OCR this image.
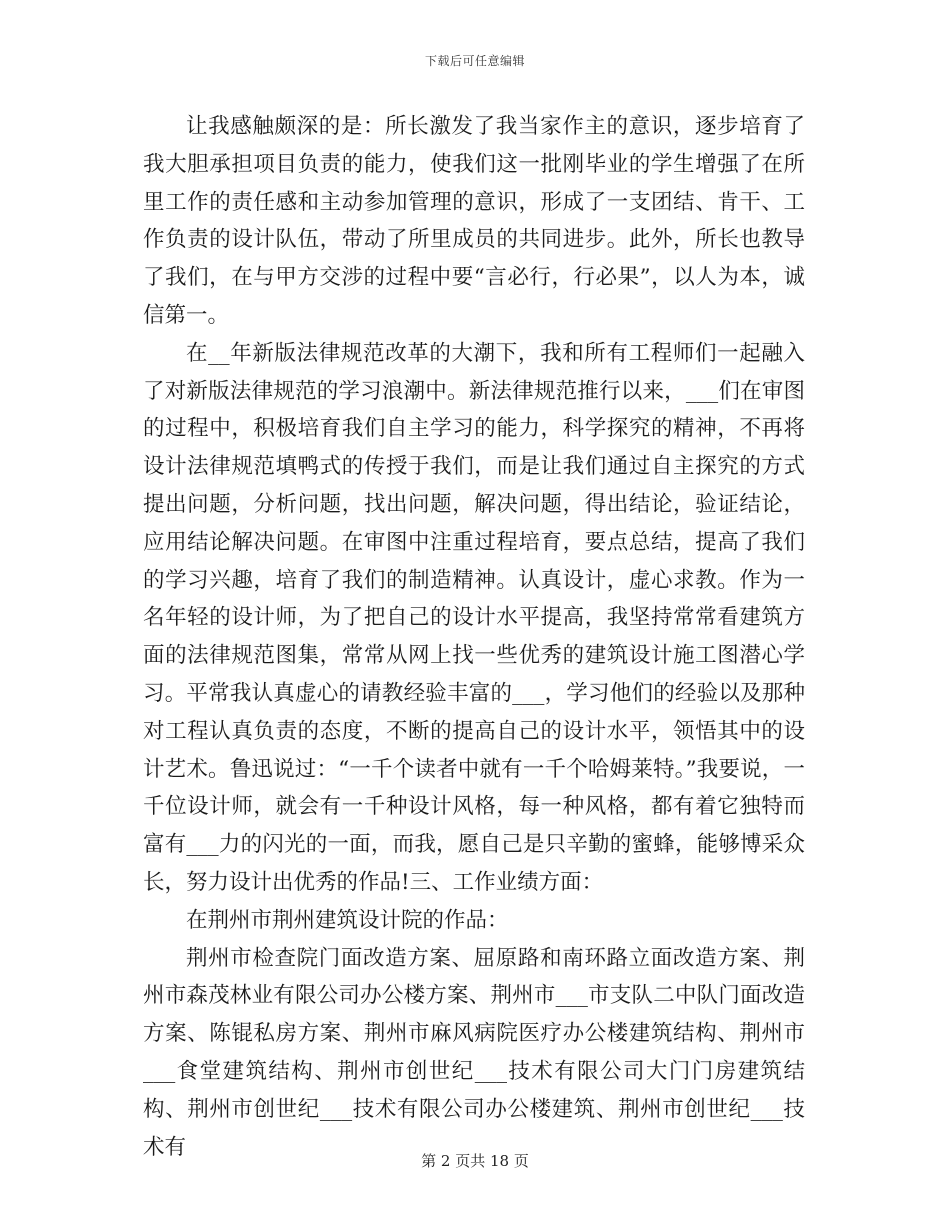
下载后可任意编辑

让我感触颇深的是：所长激发了我当家作主的意识，逐步培育了我大胆承担项目负责的能力，使我们这一批刚毕业的学生增强了在所里工作的责任感和主动参加管理的意识，形成了一支团结、肯干、工作负责的设计队伍，带动了所里成员的共同进步。此外，所长也教导了我们，在与甲方交涉的过程中要“言必行，行必果”，以人为本，诚信第一。

在__年新版法律规范改革的大潮下，我和所有工程师们一起融入了对新版法律规范的学习浪潮中。新法律规范推行以来，___们在审图的过程中，积极培育我们自主学习的能力，科学探究的精神，不再将设计法律规范填鸭式的传授于我们，而是让我们通过自主探究的方式提出问题，分析问题，找出问题，解决问题，得出结论，验证结论，应用结论解决问题。在审图中注重过程培育，要点总结，提高了我们的学习兴趣，培育了我们的制造精神。认真设计，虚心求教。作为一名年轻的设计师，为了把自己的设计水平提高，我坚持常常看建筑方面的法律规范图集，常常从网上找一些优秀的建筑设计施工图潜心学习。平常我认真虚心的请教经验丰富的___，学习他们的经验以及那种对工程认真负责的态度，不断的提高自己的设计水平，领悟其中的设计艺术。鲁迅说过：“一千个读者中就有一千个哈姆莱特。”我要说，一千位设计师，就会有一千种设计风格，每一种风格，都有着它独特而富有___力的闪光的一面，而我，愿自己是只辛勤的蜜蜂，能够博采众长，努力设计出优秀的作品!三、工作业绩方面：

在荆州市荆州建筑设计院的作品：

荆州市检查院门面改造方案、屈原路和南环路立面改造方案、荆州市森茂林业有限公司办公楼方案、荆州市___市支队二中队门面改造方案、陈锟私房方案、荆州市麻风病院医疗办公楼建筑结构、荆州市___食堂建筑结构、荆州市创世纪___技术有限公司大门门房建筑结构、荆州市创世纪___技术有限公司办公楼建筑、荆州市创世纪___技术有

第 2 页共 18 页
